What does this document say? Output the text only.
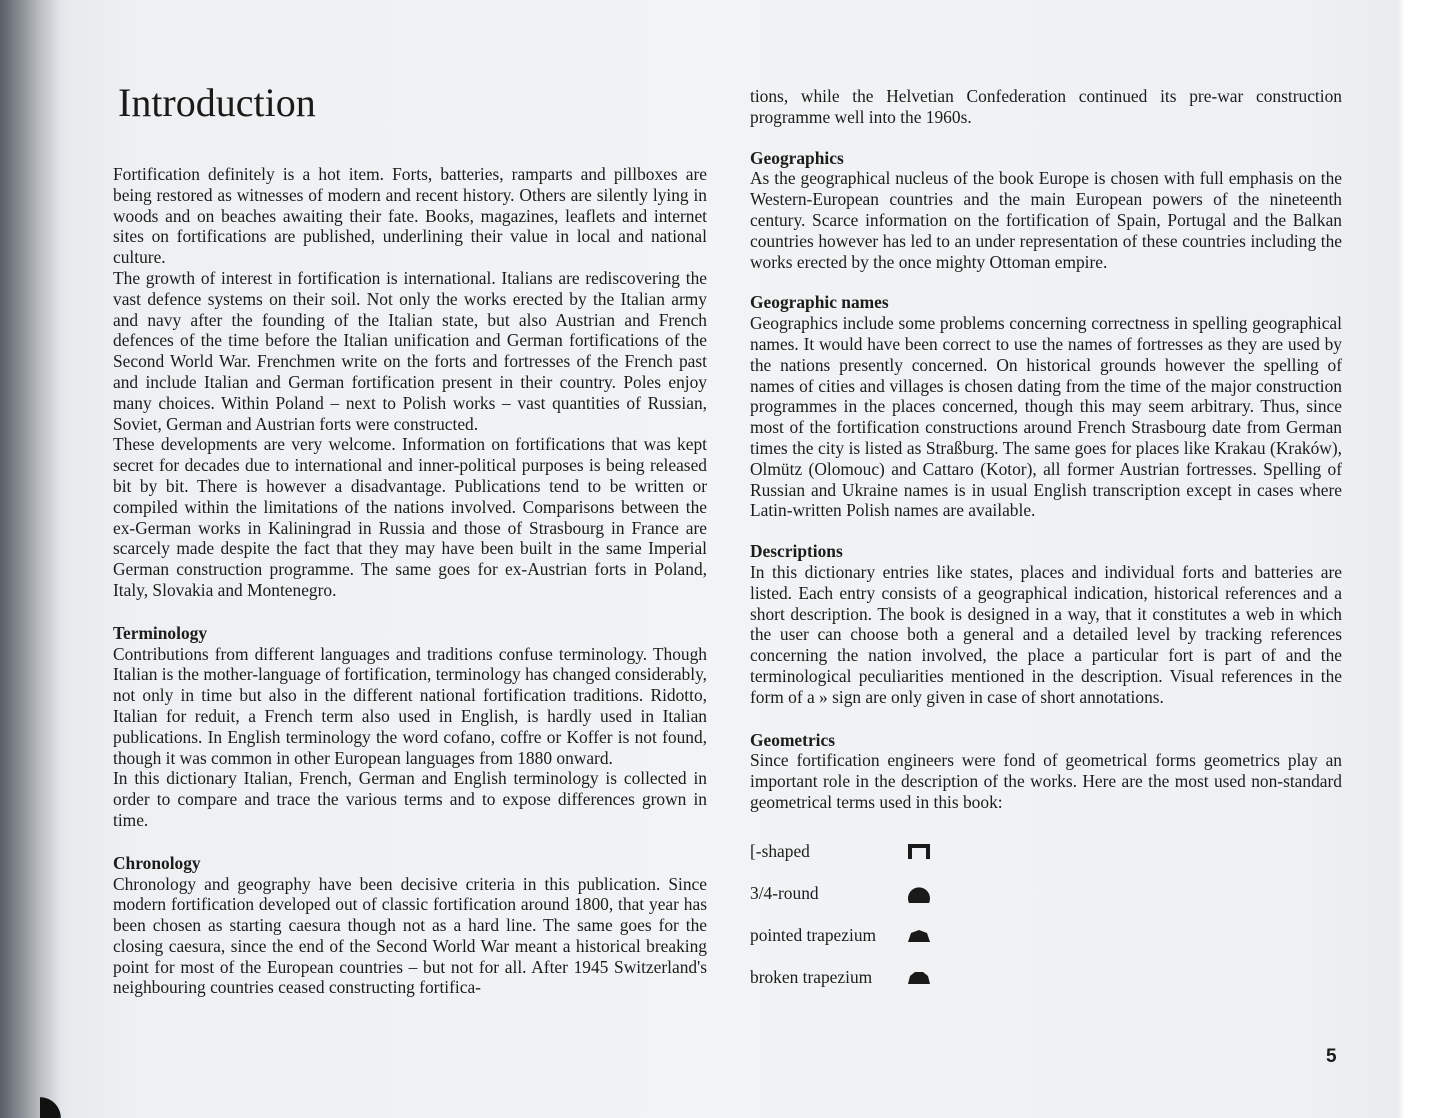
Introduction

Fortification definitely is a hot item. Forts, batteries, ramparts and pillboxes are being restored as witnesses of modern and recent history. Others are silently lying in woods and on beaches awaiting their fate. Books, magazines, leaflets and internet sites on fortifications are published, underlining their value in local and national culture.

The growth of interest in fortification is international. Italians are rediscovering the vast defence systems on their soil. Not only the works erected by the Italian army and navy after the founding of the Italian state, but also Austrian and French defences of the time before the Italian unification and German fortifications of the Second World War. Frenchmen write on the forts and fortresses of the French past and include Italian and German fortification present in their country. Poles enjoy many choices. Within Poland – next to Polish works – vast quantities of Russian, Soviet, German and Austrian forts were constructed.

These developments are very welcome. Information on fortifications that was kept secret for decades due to international and inner-political purposes is being released bit by bit. There is however a disadvantage. Publications tend to be written or compiled within the limitations of the nations involved. Comparisons between the ex-German works in Kaliningrad in Russia and those of Strasbourg in France are scarcely made despite the fact that they may have been built in the same Imperial German construction programme. The same goes for ex-Austrian forts in Poland, Italy, Slovakia and Montenegro.

Terminology

Contributions from different languages and traditions confuse terminology. Though Italian is the mother-language of fortification, terminology has changed considerably, not only in time but also in the different national fortification traditions. Ridotto, Italian for reduit, a French term also used in English, is hardly used in Italian publications. In English terminology the word cofano, coffre or Koffer is not found, though it was common in other European languages from 1880 onward.

In this dictionary Italian, French, German and English terminology is collected in order to compare and trace the various terms and to expose differences grown in time.

Chronology

Chronology and geography have been decisive criteria in this publication. Since modern fortification developed out of classic fortification around 1800, that year has been chosen as starting caesura though not as a hard line. The same goes for the closing caesura, since the end of the Second World War meant a historical breaking point for most of the European countries – but not for all. After 1945 Switzerland's neighbouring countries ceased constructing fortifica-

tions, while the Helvetian Confederation continued its pre-war construction programme well into the 1960s.

Geographics

As the geographical nucleus of the book Europe is chosen with full emphasis on the Western-European countries and the main European powers of the nineteenth century. Scarce information on the fortification of Spain, Portugal and the Balkan countries however has led to an under representation of these countries including the works erected by the once mighty Ottoman empire.

Geographic names

Geographics include some problems concerning correctness in spelling geographical names. It would have been correct to use the names of fortresses as they are used by the nations presently concerned. On historical grounds however the spelling of names of cities and villages is chosen dating from the time of the major construction programmes in the places concerned, though this may seem arbitrary. Thus, since most of the fortification constructions around French Strasbourg date from German times the city is listed as Straßburg. The same goes for places like Krakau (Kraków), Olmütz (Olomouc) and Cattaro (Kotor), all former Austrian fortresses. Spelling of Russian and Ukraine names is in usual English transcription except in cases where Latin-written Polish names are available.

Descriptions

In this dictionary entries like states, places and individual forts and batteries are listed. Each entry consists of a geographical indication, historical references and a short description. The book is designed in a way, that it constitutes a web in which the user can choose both a general and a detailed level by tracking references concerning the nation involved, the place a particular fort is part of and the terminological peculiarities mentioned in the description. Visual references in the form of a » sign are only given in case of short annotations.

Geometrics

Since fortification engineers were fond of geometrical forms geometrics play an important role in the description of the works. Here are the most used non-standard geometrical terms used in this book:

[-shaped
3/4-round
pointed trapezium
broken trapezium
5
